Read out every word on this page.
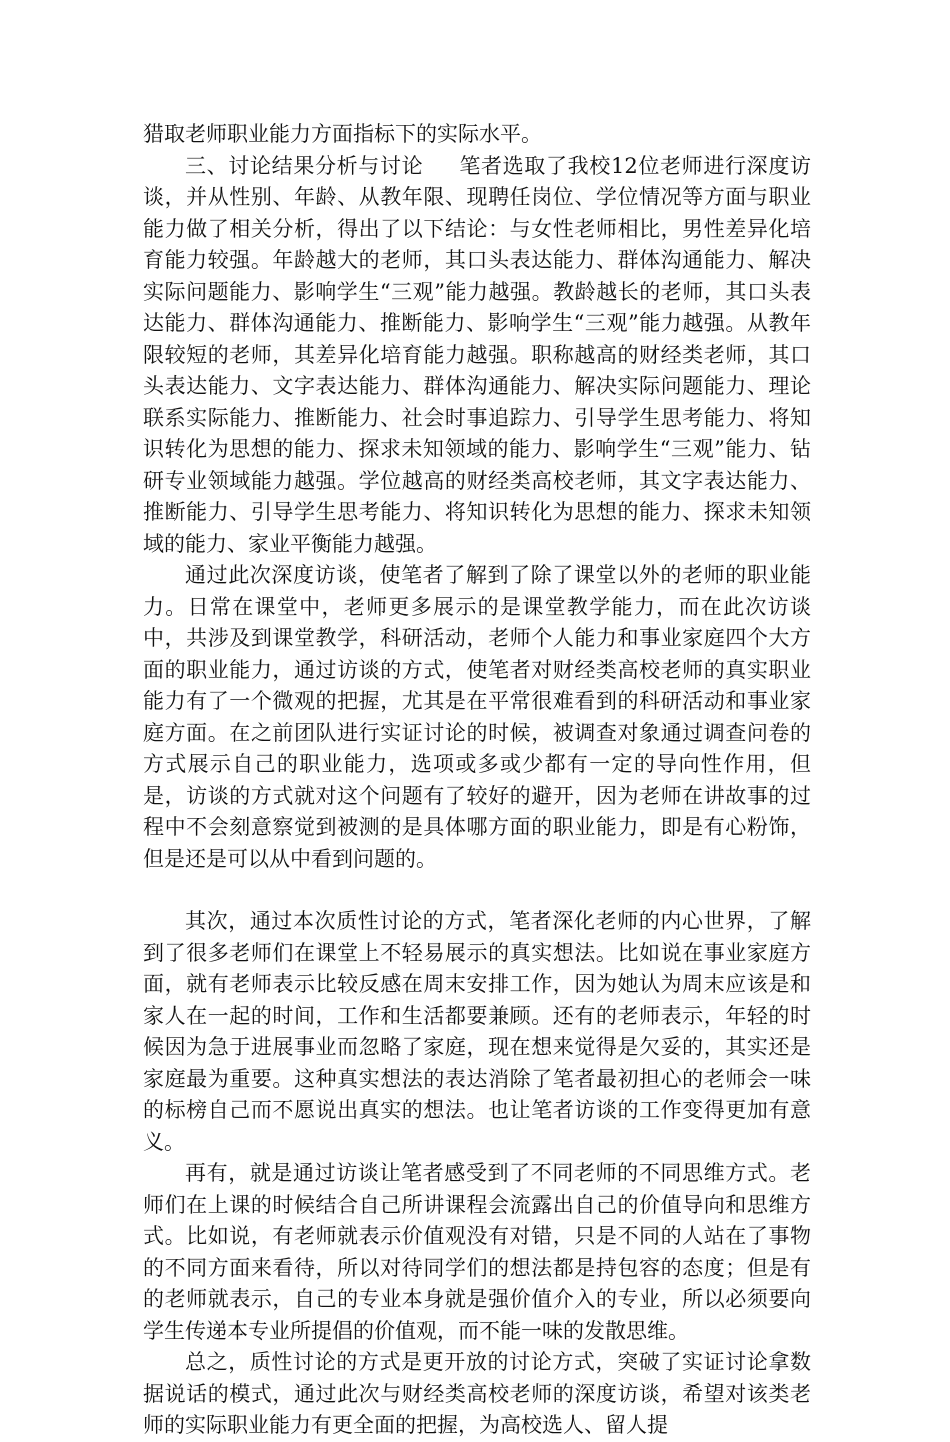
猎取老师职业能力方面指标下的实际水平。

三、讨论结果分析与讨论 笔者选取了我校12位老师进行深度访谈，并从性别、年龄、从教年限、现聘任岗位、学位情况等方面与职业能力做了相关分析，得出了以下结论：与女性老师相比，男性差异化培育能力较强。年龄越大的老师，其口头表达能力、群体沟通能力、解决实际问题能力、影响学生“三观”能力越强。教龄越长的老师，其口头表达能力、群体沟通能力、推断能力、影响学生“三观”能力越强。从教年限较短的老师，其差异化培育能力越强。职称越高的财经类老师，其口头表达能力、文字表达能力、群体沟通能力、解决实际问题能力、理论联系实际能力、推断能力、社会时事追踪力、引导学生思考能力、将知识转化为思想的能力、探求未知领域的能力、影响学生“三观”能力、钻研专业领域能力越强。学位越高的财经类高校老师，其文字表达能力、推断能力、引导学生思考能力、将知识转化为思想的能力、探求未知领域的能力、家业平衡能力越强。

通过此次深度访谈，使笔者了解到了除了课堂以外的老师的职业能力。日常在课堂中，老师更多展示的是课堂教学能力，而在此次访谈中，共涉及到课堂教学，科研活动，老师个人能力和事业家庭四个大方面的职业能力，通过访谈的方式，使笔者对财经类高校老师的真实职业能力有了一个微观的把握，尤其是在平常很难看到的科研活动和事业家庭方面。在之前团队进行实证讨论的时候，被调查对象通过调查问卷的方式展示自己的职业能力，选项或多或少都有一定的导向性作用，但是，访谈的方式就对这个问题有了较好的避开，因为老师在讲故事的过程中不会刻意察觉到被测的是具体哪方面的职业能力，即是有心粉饰，但是还是可以从中看到问题的。

其次，通过本次质性讨论的方式，笔者深化老师的内心世界，了解到了很多老师们在课堂上不轻易展示的真实想法。比如说在事业家庭方面，就有老师表示比较反感在周末安排工作，因为她认为周末应该是和家人在一起的时间，工作和生活都要兼顾。还有的老师表示，年轻的时候因为急于进展事业而忽略了家庭，现在想来觉得是欠妥的，其实还是家庭最为重要。这种真实想法的表达消除了笔者最初担心的老师会一味的标榜自己而不愿说出真实的想法。也让笔者访谈的工作变得更加有意义。

再有，就是通过访谈让笔者感受到了不同老师的不同思维方式。老师们在上课的时候结合自己所讲课程会流露出自己的价值导向和思维方式。比如说，有老师就表示价值观没有对错，只是不同的人站在了事物的不同方面来看待，所以对待同学们的想法都是持包容的态度；但是有的老师就表示，自己的专业本身就是强价值介入的专业，所以必须要向学生传递本专业所提倡的价值观，而不能一味的发散思维。

总之，质性讨论的方式是更开放的讨论方式，突破了实证讨论拿数据说话的模式，通过此次与财经类高校老师的深度访谈，希望对该类老师的实际职业能力有更全面的把握，为高校选人、留人提
